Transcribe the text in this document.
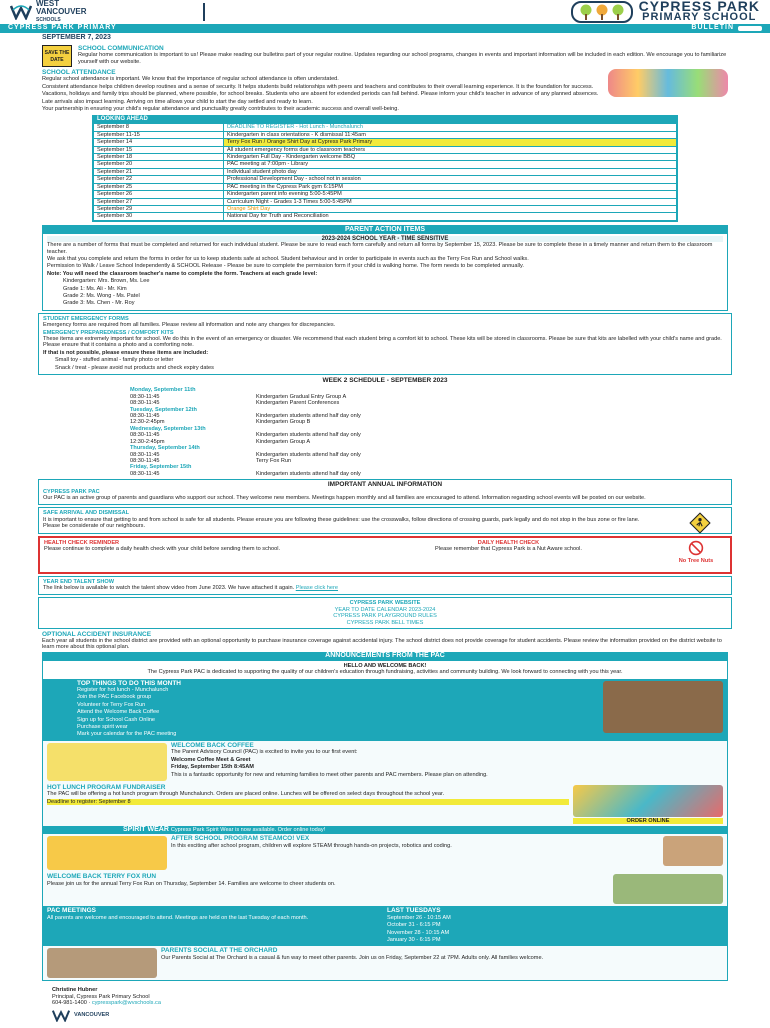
WEST
VANCOUVER
SCHOOLS
CYPRESS PARK
PRIMARY SCHOOL
CYPRESS PARK PRIMARY	BULLETIN
SEPTEMBER 7, 2023
SAVE THE DATE
SCHOOL COMMUNICATION

Regular home communication is important to us! Please make reading our bulletins part of your regular routine. Updates regarding our school programs, changes in events and important information will be included in each edition. We encourage you to familiarize yourself with our website.

SCHOOL ATTENDANCE

Regular school attendance is important. We know that the importance of regular school attendance is often understated.

Consistent attendance helps children develop routines and a sense of security. It helps students build relationships with peers and teachers and contributes to their overall learning experience. It is the foundation for success.

Vacations, holidays and family trips should be planned, where possible, for school breaks. Students who are absent for extended periods can fall behind. Please inform your child's teacher in advance of any planned absences.

Late arrivals also impact learning. Arriving on time allows your child to start the day settled and ready to learn.

Your partnership in ensuring your child's regular attendance and punctuality greatly contributes to their academic success and overall well-being.

LOOKING AHEAD
September 8	DEADLINE TO REGISTER - Hot Lunch - Munchalunch
September 11-15	Kindergarten in class orientations - K dismissal 11:45am
September 14	Terry Fox Run / Orange Shirt Day at Cypress Park Primary
September 15	All student emergency forms due to classroom teachers
September 18	Kindergarten Full Day - Kindergarten welcome BBQ
September 20	PAC meeting at 7:00pm - Library
September 21	Individual student photo day
September 22	Professional Development Day - school not in session
September 25	PAC meeting in the Cypress Park gym 6:15PM
September 26	Kindergarten parent info evening 5:00-5:45PM
September 27	Curriculum Night - Grades 1-3 Times 5:00-5:45PM
September 29	Orange Shirt Day
September 30	National Day for Truth and Reconciliation
PARENT ACTION ITEMS
2023-2024 SCHOOL YEAR - TIME SENSITIVE

There are a number of forms that must be completed and returned for each individual student. Please be sure to read each form carefully and return all forms by September 15, 2023. Please be sure to complete these in a timely manner and return them to the classroom teacher.

We ask that you complete and return the forms in order for us to keep students safe at school. Student behaviour and in order to participate in events such as the Terry Fox Run and School walks.

Permission to Walk / Leave School Independently & SCHOOL Release - Please be sure to complete the permission form if your child is walking home. The form needs to be completed annually.

Note: You will need the classroom teacher's name to complete the form. Teachers at each grade level:

Kindergarten: Mrs. Brown, Ms. Lee

Grade 1: Ms. Ali - Mr. Kim

Grade 2: Ms. Wong - Ms. Patel

Grade 3: Ms. Chen - Mr. Roy

STUDENT EMERGENCY FORMS

Emergency forms are required from all families. Please review all information and note any changes for discrepancies.

EMERGENCY PREPAREDNESS / COMFORT KITS

These items are extremely important for school. We do this in the event of an emergency or disaster. We recommend that each student bring a comfort kit to school. These kits will be stored in classrooms. Please be sure that kits are labelled with your child's name and grade. Please ensure that it contains a photo and a comforting note.

If that is not possible, please ensure these items are included:

Small toy - stuffed animal - family photo or letter

Snack / treat - please avoid nut products and check expiry dates

WEEK 2 SCHEDULE - SEPTEMBER 2023
Monday, September 11th
08:30-11:45	Kindergarten Gradual Entry Group A
08:30-11:45	Kindergarten Parent Conferences
Tuesday, September 12th
08:30-11:45	Kindergarten students attend half day only
12:30-2:45pm	Kindergarten Group B
Wednesday, September 13th
08:30-11:45	Kindergarten students attend half day only
12:30-2:45pm	Kindergarten Group A
Thursday, September 14th
08:30-11:45	Kindergarten students attend half day only
08:30-11:45	Terry Fox Run
Friday, September 15th
08:30-11:45	Kindergarten students attend half day only
IMPORTANT ANNUAL INFORMATION
CYPRESS PARK PAC

Our PAC is an active group of parents and guardians who support our school. They welcome new members. Meetings happen monthly and all families are encouraged to attend. Information regarding school events will be posted on our website.

SAFE ARRIVAL AND DISMISSAL

It is important to ensure that getting to and from school is safe for all students. Please ensure you are following these guidelines: use the crosswalks, follow directions of crossing guards, park legally and do not stop in the bus zone or fire lane. Please be considerate of our neighbours.

HEALTH CHECK REMINDER

Please continue to complete a daily health check with your child before sending them to school.

DAILY HEALTH CHECK

Please remember that Cypress Park is a Nut Aware school.

No Tree Nuts
YEAR END TALENT SHOW

The link below is available to watch the talent show video from June 2023. We have attached it again. Please click here

CYPRESS PARK WEBSITE
YEAR TO DATE CALENDAR 2023-2024
CYPRESS PARK PLAYGROUND RULES
CYPRESS PARK BELL TIMES
OPTIONAL ACCIDENT INSURANCE

Each year all students in the school district are provided with an optional opportunity to purchase insurance coverage against accidental injury. The school district does not provide coverage for student accidents. Please review the information provided on the district website to learn more about this optional plan.

ANNOUNCEMENTS FROM THE PAC
HELLO AND WELCOME BACK!

The Cypress Park PAC is dedicated to supporting the quality of our children's education through fundraising, activities and community building. We look forward to connecting with you this year.

TOP THINGS TO DO THIS MONTH

Register for hot lunch - Munchalunch

Join the PAC Facebook group

Volunteer for Terry Fox Run

Attend the Welcome Back Coffee

Sign up for School Cash Online

Purchase spirit wear

Mark your calendar for the PAC meeting

WELCOME BACK COFFEE

The Parent Advisory Council (PAC) is excited to invite you to our first event:

Welcome Coffee Meet & Greet

Friday, September 15th 8:45AM

This is a fantastic opportunity for new and returning families to meet other parents and PAC members. Please plan on attending.

HOT LUNCH PROGRAM FUNDRAISER

The PAC will be offering a hot lunch program through Munchalunch. Orders are placed online. Lunches will be offered on select days throughout the school year.

Deadline to register: September 8

ORDER ONLINE
SPIRIT WEAR Cypress Park Spirit Wear is now available. Order online today!
AFTER SCHOOL PROGRAM STEAMCO! VEX

In this exciting after school program, children will explore STEAM through hands-on projects, robotics and coding.

WELCOME BACK TERRY FOX RUN

Please join us for the annual Terry Fox Run on Thursday, September 14. Families are welcome to cheer students on.

PAC MEETINGS

All parents are welcome and encouraged to attend. Meetings are held on the last Tuesday of each month.

LAST TUESDAYS

September 26 - 10:15 AM

October 31 - 6:15 PM

November 28 - 10:15 AM

January 30 - 6:15 PM

PARENTS SOCIAL AT THE ORCHARD

Our Parents Social at The Orchard is a casual & fun way to meet other parents. Join us on Friday, September 22 at 7PM. Adults only. All families welcome.

Christine Hubner
Principal, Cypress Park Primary School
604-981-1400 · cypresspark@wvschools.ca
VANCOUVER
